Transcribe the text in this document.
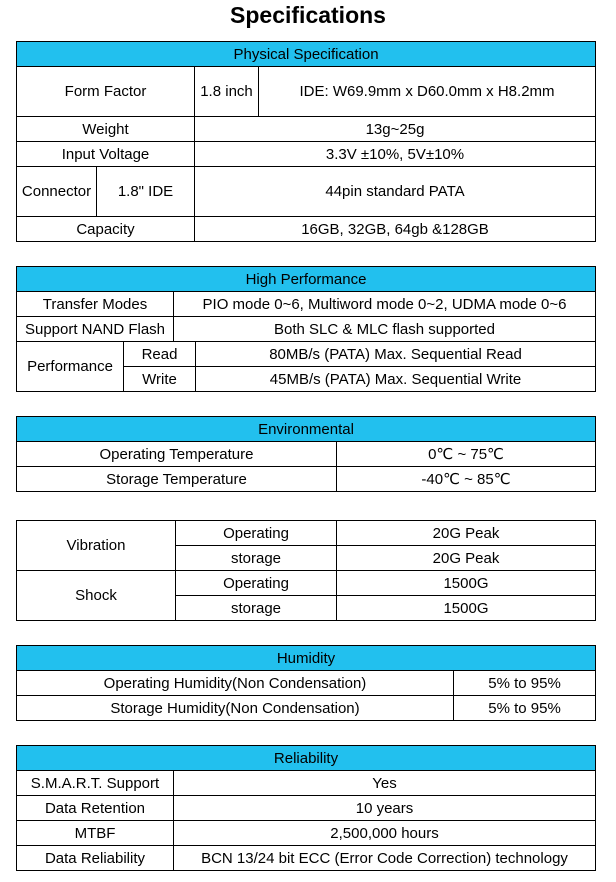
Specifications
Physical Specification			
Form Factor		1.8 inch	IDE: W69.9mm x D60.0mm x H8.2mm
Weight		13g~25g	
Input Voltage		3.3V ±10%, 5V±10%	
Connector	1.8" IDE	44pin standard PATA	
Capacity		16GB, 32GB, 64gb &128GB	
High Performance			
Transfer Modes		PIO mode 0~6, Multiword mode 0~2, UDMA mode 0~6	
Support NAND Flash		Both SLC & MLC flash supported	
Performance	Read		80MB/s (PATA) Max. Sequential Read
	Write		45MB/s (PATA) Max. Sequential Write
Environmental	
Operating Temperature	0℃ ~ 75℃
Storage Temperature	-40℃ ~ 85℃
Vibration	Operating	20G Peak
	storage	20G Peak
Shock	Operating	1500G
	storage	1500G
Humidity	
Operating Humidity(Non Condensation)	5% to 95%
Storage Humidity(Non Condensation)	5% to 95%
Reliability	
S.M.A.R.T. Support	Yes
Data Retention	10 years
MTBF	2,500,000 hours
Data Reliability	BCN 13/24 bit ECC (Error Code Correction) technology
